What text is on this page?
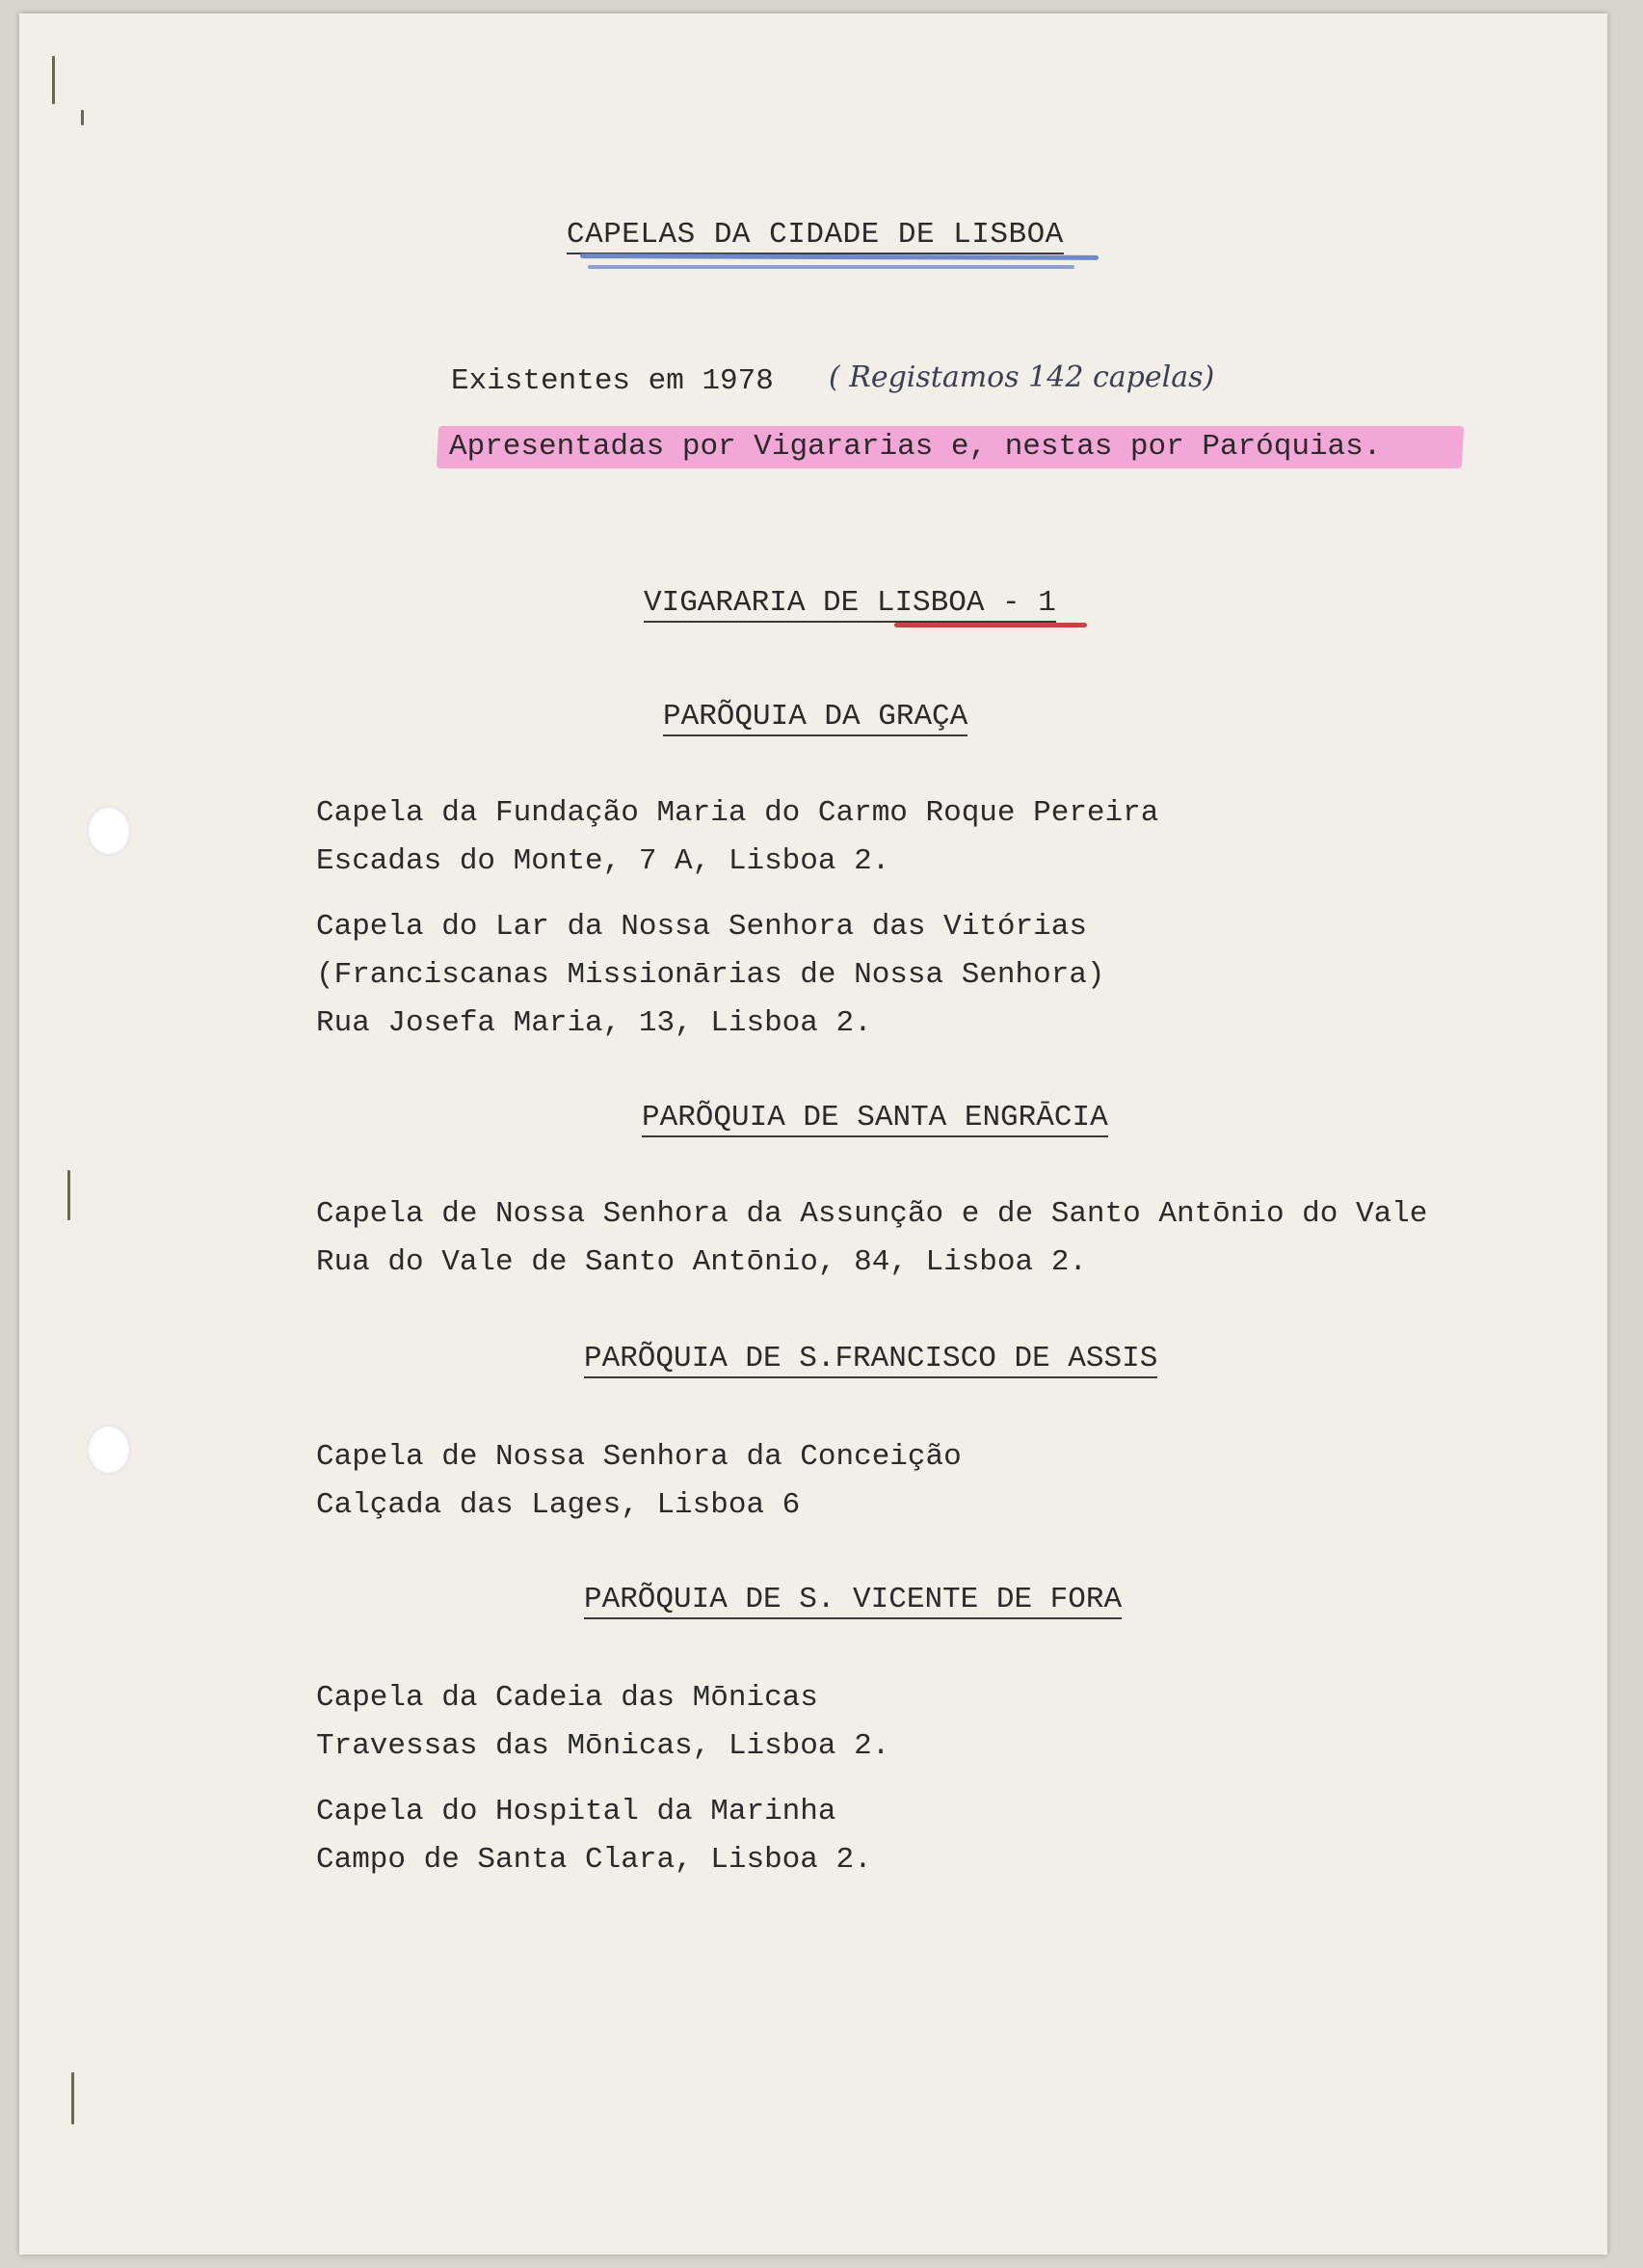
CAPELAS DA CIDADE DE LISBOA
Existentes em 1978 ( Registamos 142 capelas)
Apresentadas por Vigararias e, nestas por Paróquias.
VIGARARIA DE LISBOA - 1
PARÕQUIA DA GRAÇA
Capela da Fundação Maria do Carmo Roque Pereira
Escadas do Monte, 7 A, Lisboa 2.
Capela do Lar da Nossa Senhora das Vitórias
(Franciscanas Missionārias de Nossa Senhora)
Rua Josefa Maria, 13, Lisboa 2.
PARÕQUIA DE SANTA ENGRĀCIA
Capela de Nossa Senhora da Assunção e de Santo Antōnio do Vale
Rua do Vale de Santo Antōnio, 84, Lisboa 2.
PARÕQUIA DE S.FRANCISCO DE ASSIS
Capela de Nossa Senhora da Conceição
Calçada das Lages, Lisboa 6
PARÕQUIA DE S. VICENTE DE FORA
Capela da Cadeia das Mōnicas
Travessas das Mōnicas, Lisboa 2.
Capela do Hospital da Marinha
Campo de Santa Clara, Lisboa 2.
